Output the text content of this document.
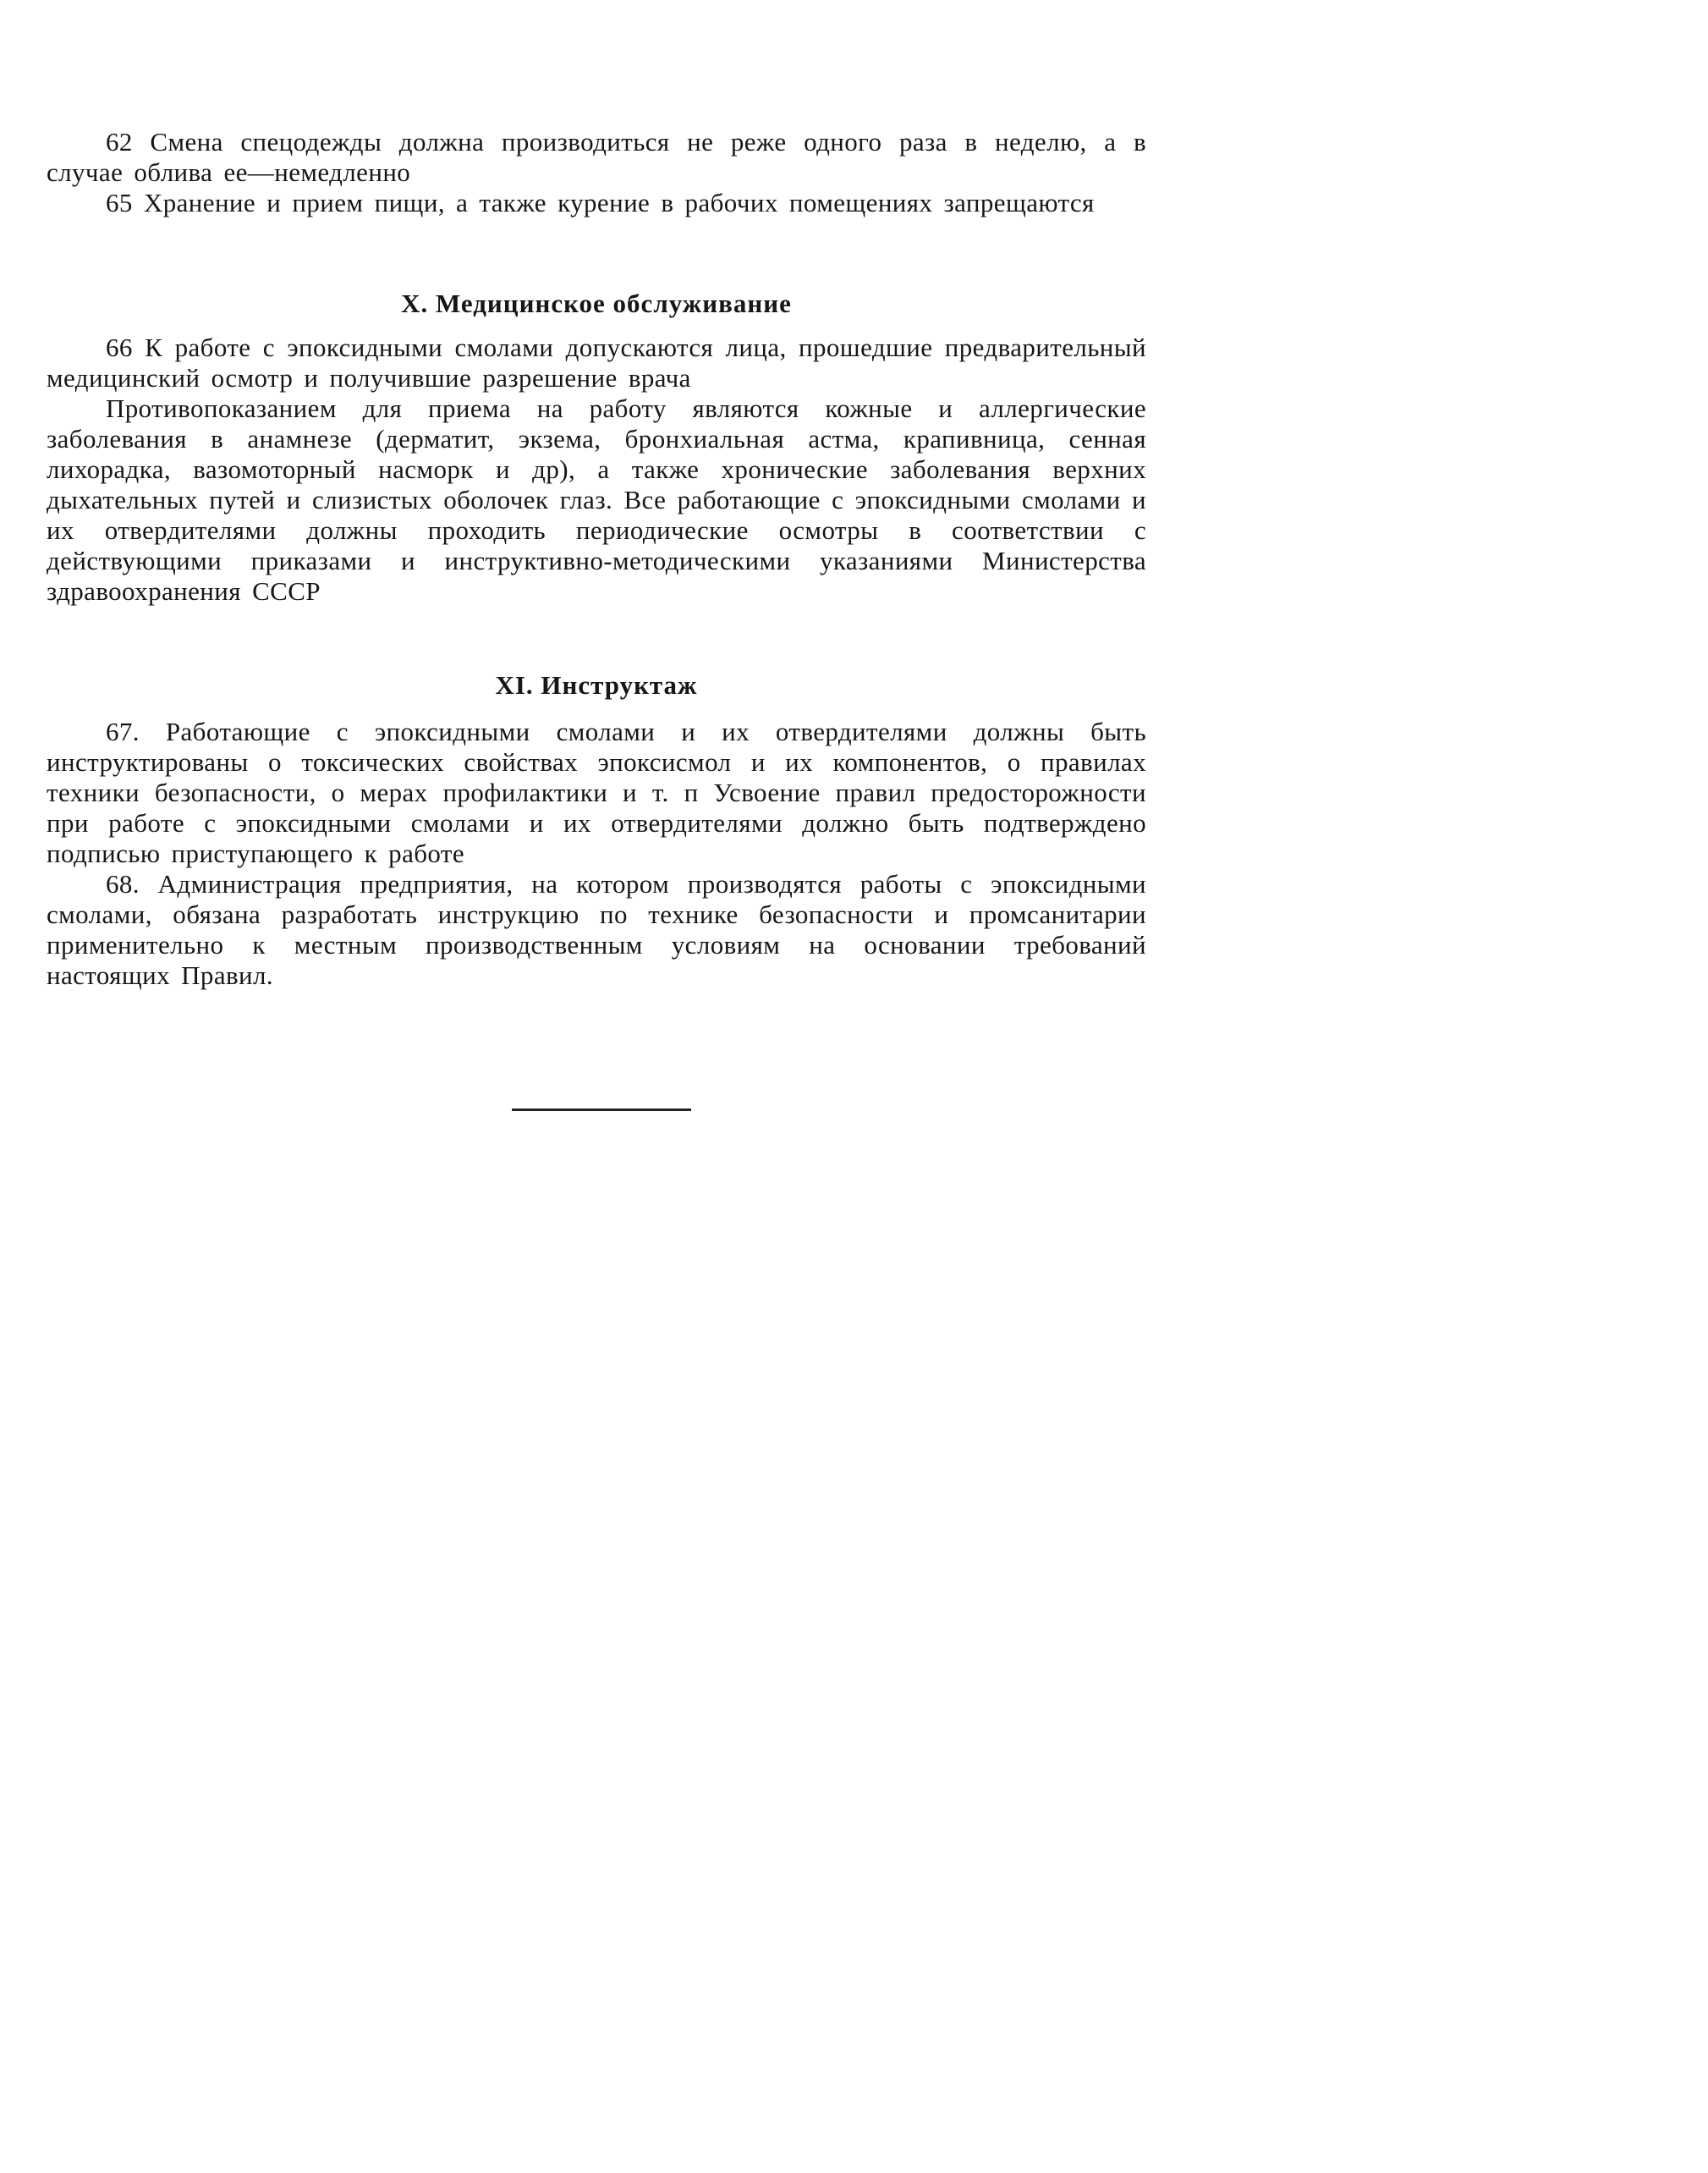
62 Смена спецодежды должна производиться не реже одного раза в неделю, а в случае облива ее—немедленно

65 Хранение и прием пищи, а также курение в рабочих помещениях запрещаются

X. Медицинское обслуживание

66 К работе с эпоксидными смолами допускаются лица, прошедшие предварительный медицинский осмотр и получившие разрешение врача

Противопоказанием для приема на работу являются кожные и аллергические заболевания в анамнезе (дерматит, экзема, бронхиальная астма, крапивница, сенная лихорадка, вазомоторный насморк и др), а также хронические заболевания верхних дыхательных путей и слизистых оболочек глаз. Все работающие с эпоксидными смолами и их отвердителями должны проходить периодические осмотры в соответствии с действующими приказами и инструктивно-методическими указаниями Министерства здравоохранения СССР

XI. Инструктаж

67. Работающие с эпоксидными смолами и их отвердителями должны быть инструктированы о токсических свойствах эпоксисмол и их компонентов, о правилах техники безопасности, о мерах профилактики и т. п Усвоение правил предосторожности при работе с эпоксидными смолами и их отвердителями должно быть подтверждено подписью приступающего к работе

68. Администрация предприятия, на котором производятся работы с эпоксидными смолами, обязана разработать инструкцию по технике безопасности и промсанитарии применительно к местным производственным условиям на основании требований настоящих Правил.
